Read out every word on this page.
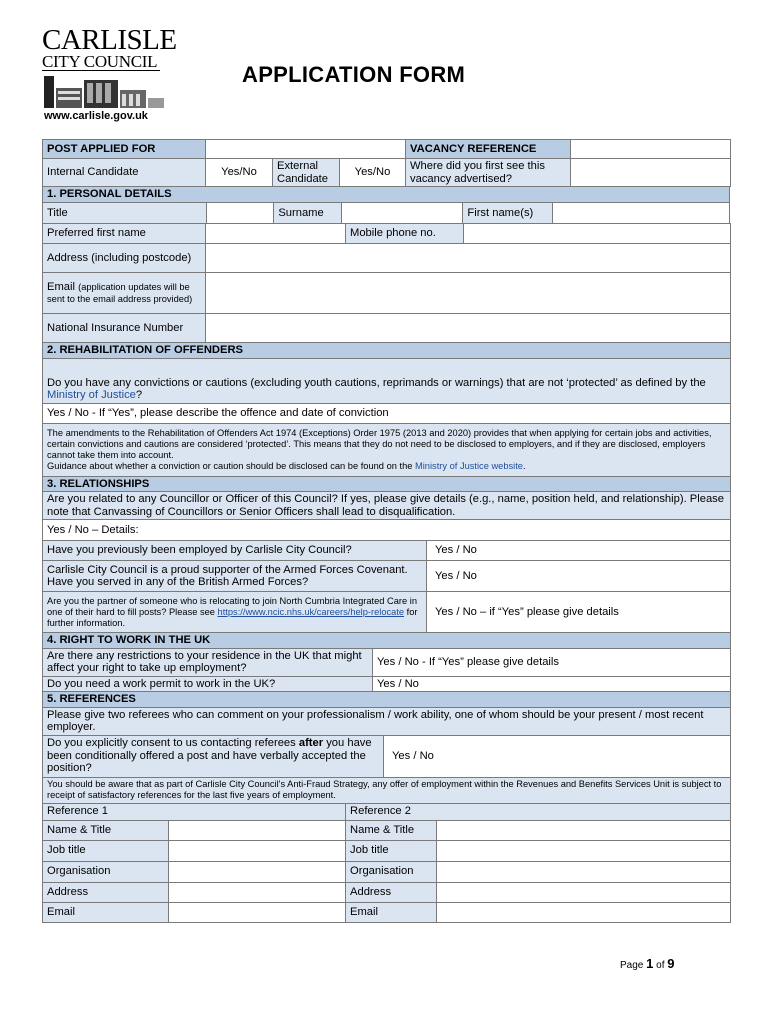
CARLISLE
CITY COUNCIL
www.carlisle.gov.uk
APPLICATION FORM
POST APPLIED FOR				VACANCY REFERENCE	
Internal Candidate	Yes/No	External Candidate	Yes/No	Where did you first see this vacancy advertised?	
1. PERSONAL DETAILS
Title		Surname		First name(s)	
Preferred first name		Mobile phone no.	
Address (including postcode)	
Email (application updates will be sent to the email address provided)	
National Insurance Number	
2. REHABILITATION OF OFFENDERS
Do you have any convictions or cautions (excluding youth cautions, reprimands or warnings) that are not ‘protected’ as defined by the Ministry of Justice?
Yes / No - If “Yes”, please describe the offence and date of conviction
The amendments to the Rehabilitation of Offenders Act 1974 (Exceptions) Order 1975 (2013 and 2020) provides that when applying for certain jobs and activities, certain convictions and cautions are considered ‘protected’. This means that they do not need to be disclosed to employers, and if they are disclosed, employers cannot take them into account.
Guidance about whether a conviction or caution should be disclosed can be found on the Ministry of Justice website.
3. RELATIONSHIPS
Are you related to any Councillor or Officer of this Council? If yes, please give details (e.g., name, position held, and relationship). Please note that Canvassing of Councillors or Senior Officers shall lead to disqualification.
Yes / No – Details:
Have you previously been employed by Carlisle City Council?	Yes / No
Carlisle City Council is a proud supporter of the Armed Forces Covenant. Have you served in any of the British Armed Forces?	Yes / No
Are you the partner of someone who is relocating to join North Cumbria Integrated Care in one of their hard to fill posts? Please see https://www.ncic.nhs.uk/careers/help-relocate for further information.	Yes / No – if “Yes” please give details
4. RIGHT TO WORK IN THE UK	
Are there any restrictions to your residence in the UK that might affect your right to take up employment?	Yes / No - If “Yes” please give details
Do you need a work permit to work in the UK?	Yes / No
5. REFERENCES
Please give two referees who can comment on your professionalism / work ability, one of whom should be your present / most recent employer.
Do you explicitly consent to us contacting referees after you have been conditionally offered a post and have verbally accepted the position?	Yes / No
You should be aware that as part of Carlisle City Council's Anti-Fraud Strategy, any offer of employment within the Revenues and Benefits Services Unit is subject to receipt of satisfactory references for the last five years of employment.
Reference 1		Reference 2	
Name & Title		Name & Title	
Job title		Job title	
Organisation		Organisation	
Address		Address	
Email		Email	
Page 1 of 9
